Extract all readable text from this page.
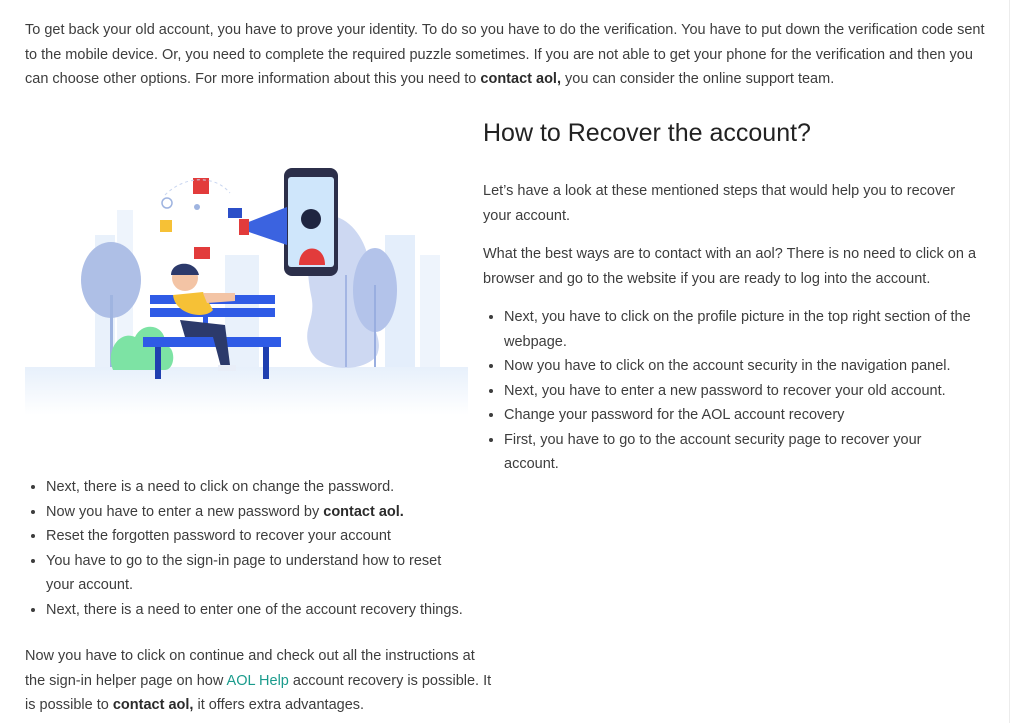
To get back your old account, you have to prove your identity. To do so you have to do the verification. You have to put down the verification code sent to the mobile device. Or, you need to complete the required puzzle sometimes. If you are not able to get your phone for the verification and then you can choose other options. For more information about this you need to contact aol, you can consider the online support team.

How to Recover the account?

Let’s have a look at these mentioned steps that would help you to recover your account.

What the best ways are to contact with an aol? There is no need to click on a browser and go to the website if you are ready to log into the account.

• Next, you have to click on the profile picture in the top right section of the webpage.
• Now you have to click on the account security in the navigation panel.
• Next, you have to enter a new password to recover your old account.
• Change your password for the AOL account recovery
• First, you have to go to the account security page to recover your account.
• Next, there is a need to click on change the password.
• Now you have to enter a new password by contact aol.
• Reset the forgotten password to recover your account
• You have to go to the sign-in page to understand how to reset your account.
• Next, there is a need to enter one of the account recovery things.

Now you have to click on continue and check out all the instructions at the sign-in helper page on how AOL Help account recovery is possible. It is possible to contact aol, it offers extra advantages.
